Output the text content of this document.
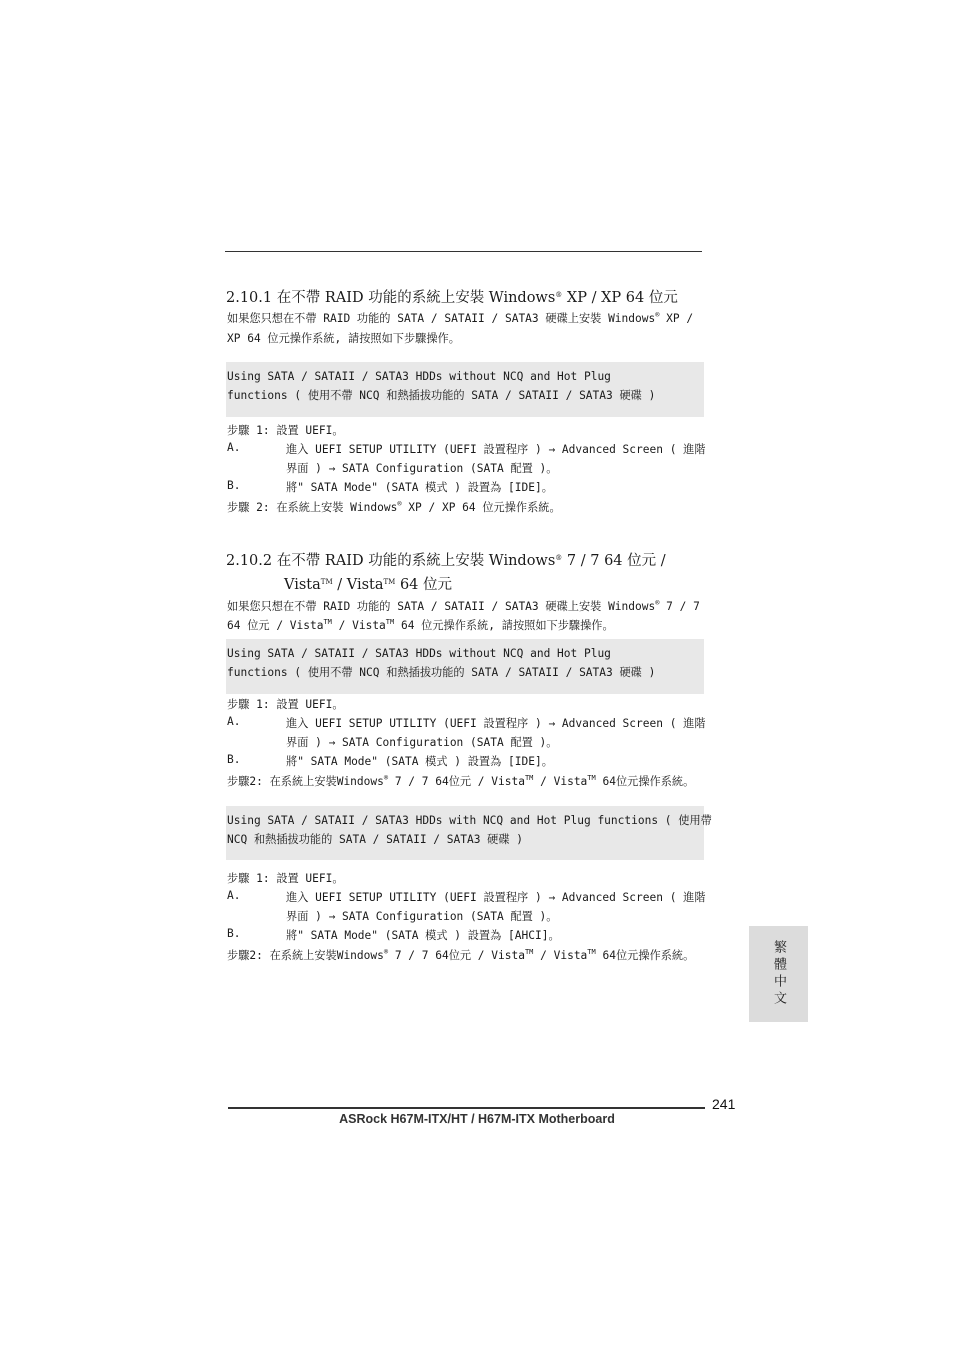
2.10.1 在不帶 RAID 功能的系統上安裝 Windows® XP / XP 64 位元
如果您只想在不帶 RAID 功能的 SATA / SATAII / SATA3 硬碟上安裝 Windows® XP /
XP 64 位元操作系統, 請按照如下步驟操作。
Using SATA / SATAII / SATA3 HDDs without NCQ and Hot Plug
functions ( 使用不帶 NCQ 和熱插拔功能的 SATA / SATAII / SATA3 硬碟 )
步驟 1: 設置 UEFI。
A.	進入 UEFI SETUP UTILITY (UEFI 設置程序 ) → Advanced Screen ( 進階
界面 ) → SATA Configuration (SATA 配置 )。
B.	將" SATA Mode" (SATA 模式 ) 設置為 [IDE]。
步驟 2: 在系統上安裝 Windows® XP / XP 64 位元操作系統。
2.10.2 在不帶 RAID 功能的系統上安裝 Windows® 7 / 7 64 位元 /
Vista™ / Vista™ 64 位元
如果您只想在不帶 RAID 功能的 SATA / SATAII / SATA3 硬碟上安裝 Windows® 7 / 7
64 位元 / Vista™ / Vista™ 64 位元操作系統, 請按照如下步驟操作。
Using SATA / SATAII / SATA3 HDDs without NCQ and Hot Plug
functions ( 使用不帶 NCQ 和熱插拔功能的 SATA / SATAII / SATA3 硬碟 )
步驟 1: 設置 UEFI。
A.	進入 UEFI SETUP UTILITY (UEFI 設置程序 ) → Advanced Screen ( 進階
界面 ) → SATA Configuration (SATA 配置 )。
B.	將" SATA Mode" (SATA 模式 ) 設置為 [IDE]。
步驟2: 在系統上安裝Windows® 7 / 7 64位元 / Vista™ / Vista™ 64位元操作系統。
Using SATA / SATAII / SATA3 HDDs with NCQ and Hot Plug functions ( 使用帶
NCQ 和熱插拔功能的 SATA / SATAII / SATA3 硬碟 )
步驟 1: 設置 UEFI。
A.	進入 UEFI SETUP UTILITY (UEFI 設置程序 ) → Advanced Screen ( 進階
界面 ) → SATA Configuration (SATA 配置 )。
B.	將" SATA Mode" (SATA 模式 ) 設置為 [AHCI]。
步驟2: 在系統上安裝Windows® 7 / 7 64位元 / Vista™ / Vista™ 64位元操作系統。	繁體中文
241
ASRock H67M-ITX/HT / H67M-ITX Motherboard
